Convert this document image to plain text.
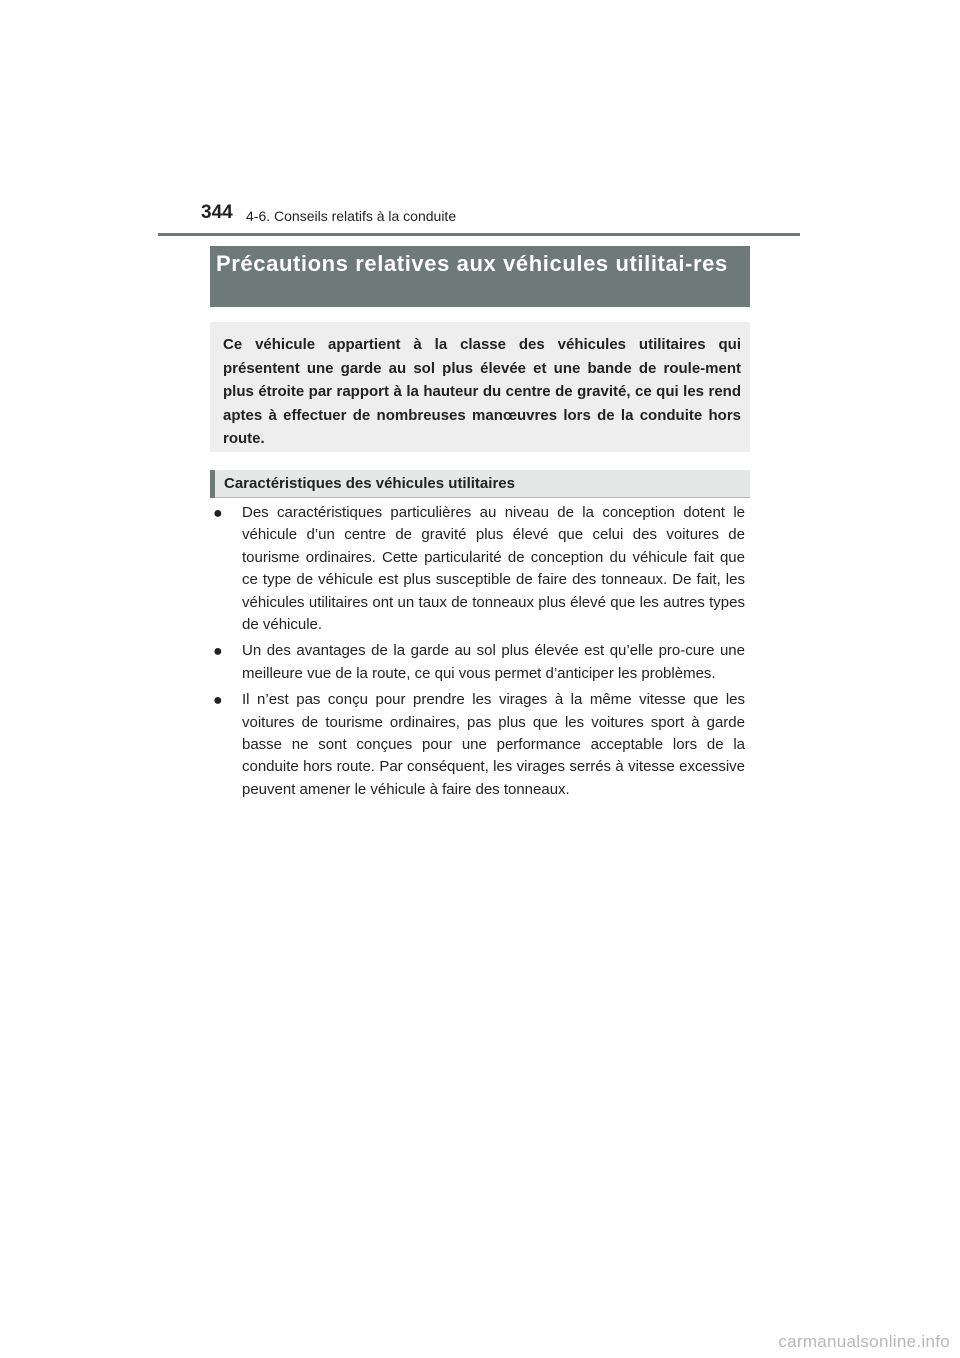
344 4-6. Conseils relatifs à la conduite
Précautions relatives aux véhicules utilitai-res

Ce véhicule appartient à la classe des véhicules utilitaires qui présentent une garde au sol plus élevée et une bande de roule-ment plus étroite par rapport à la hauteur du centre de gravité, ce qui les rend aptes à effectuer de nombreuses manœuvres lors de la conduite hors route.

Caractéristiques des véhicules utilitaires
● Des caractéristiques particulières au niveau de la conception dotent le véhicule d’un centre de gravité plus élevé que celui des voitures de tourisme ordinaires. Cette particularité de conception du véhicule fait que ce type de véhicule est plus susceptible de faire des tonneaux. De fait, les véhicules utilitaires ont un taux de tonneaux plus élevé que les autres types de véhicule.

● Un des avantages de la garde au sol plus élevée est qu’elle pro-cure une meilleure vue de la route, ce qui vous permet d’anticiper les problèmes.

● Il n’est pas conçu pour prendre les virages à la même vitesse que les voitures de tourisme ordinaires, pas plus que les voitures sport à garde basse ne sont conçues pour une performance acceptable lors de la conduite hors route. Par conséquent, les virages serrés à vitesse excessive peuvent amener le véhicule à faire des tonneaux.

carmanualsonline.info
